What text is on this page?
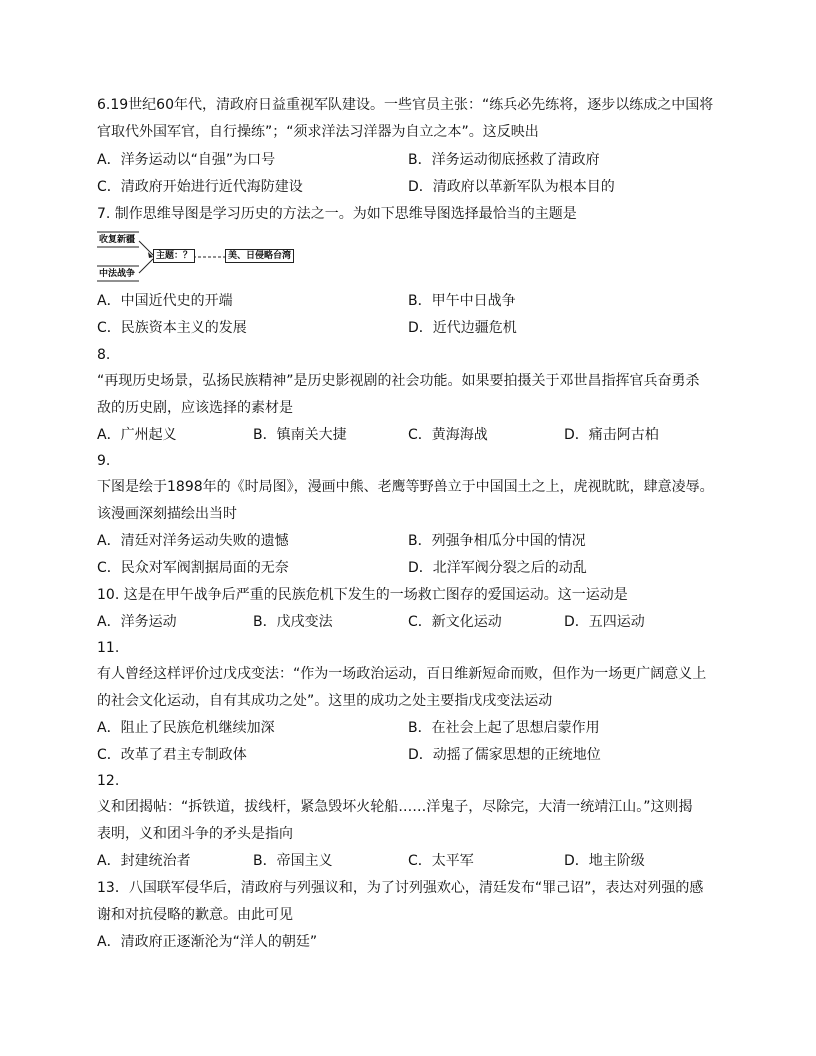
6.19世纪60年代，清政府日益重视军队建设。一些官员主张：“练兵必先练将，逐步以练成之中国将
官取代外国军官，自行操练”；“须求洋法习洋器为自立之本”。这反映出
A．洋务运动以“自强”为口号	B．洋务运动彻底拯救了清政府
C．清政府开始进行近代海防建设	D．清政府以革新军队为根本目的
7. 制作思维导图是学习历史的方法之一。为如下思维导图选择最恰当的主题是
收复新疆
中法战争
主题：？	美、日侵略台湾
A．中国近代史的开端	B．甲午中日战争
C．民族资本主义的发展	D．近代边疆危机
8.
“再现历史场景，弘扬民族精神”是历史影视剧的社会功能。如果要拍摄关于邓世昌指挥官兵奋勇杀
敌的历史剧，应该选择的素材是
A．广州起义	B．镇南关大捷	C．黄海海战	D．痛击阿古柏
9.
下图是绘于1898年的《时局图》，漫画中熊、老鹰等野兽立于中国国土之上，虎视眈眈，肆意凌辱。
该漫画深刻描绘出当时
A．清廷对洋务运动失败的遗憾	B．列强争相瓜分中国的情况
C．民众对军阀割据局面的无奈	D．北洋军阀分裂之后的动乱
10. 这是在甲午战争后严重的民族危机下发生的一场救亡图存的爱国运动。这一运动是
A．洋务运动	B．戊戌变法	C．新文化运动	D．五四运动
11.
有人曾经这样评价过戊戌变法：“作为一场政治运动，百日维新短命而败，但作为一场更广阔意义上
的社会文化运动，自有其成功之处”。这里的成功之处主要指戊戌变法运动
A．阻止了民族危机继续加深	B．在社会上起了思想启蒙作用
C．改革了君主专制政体	D．动摇了儒家思想的正统地位
12.
义和团揭帖：“拆铁道，拔线杆，紧急毁坏火轮船……洋鬼子，尽除完，大清一统靖江山。”这则揭
表明，义和团斗争的矛头是指向
A．封建统治者	B．帝国主义	C．太平军	D．地主阶级
13．八国联军侵华后，清政府与列强议和，为了讨列强欢心，清廷发布“罪己诏”，表达对列强的感
谢和对抗侵略的歉意。由此可见
A．清政府正逐渐沦为“洋人的朝廷”
